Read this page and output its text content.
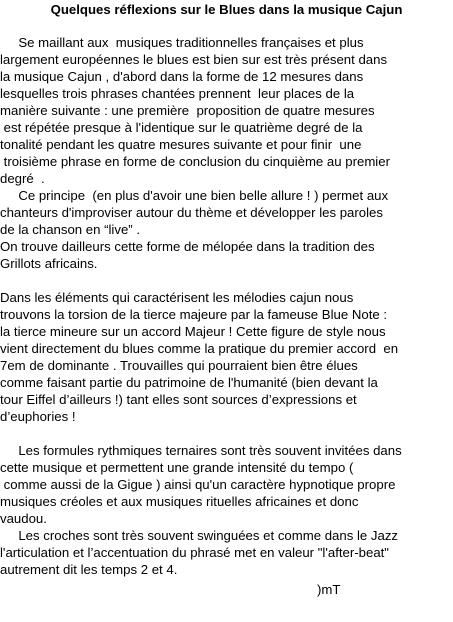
Quelques réflexions sur le Blues dans la musique Cajun
Se maillant aux  musiques traditionnelles françaises et plus
largement européennes le blues est bien sur est très présent dans
la musique Cajun , d'abord dans la forme de 12 mesures dans
lesquelles trois phrases chantées prennent  leur places de la
manière suivante : une première  proposition de quatre mesures
est répétée presque à l'identique sur le quatrième degré de la
tonalité pendant les quatre mesures suivante et pour finir  une
troisième phrase en forme de conclusion du cinquième au premier
degré  .
Ce principe  (en plus d'avoir une bien belle allure ! ) permet aux
chanteurs d'improviser autour du thème et développer les paroles
de la chanson en “live” .
On trouve dailleurs cette forme de mélopée dans la tradition des
Grillots africains.
Dans les éléments qui caractérisent les mélodies cajun nous
trouvons la torsion de la tierce majeure par la fameuse Blue Note :
la tierce mineure sur un accord Majeur ! Cette figure de style nous
vient directement du blues comme la pratique du premier accord  en
7em de dominante . Trouvailles qui pourraient bien être élues
comme faisant partie du patrimoine de l'humanité (bien devant la
tour Eiffel d’ailleurs !) tant elles sont sources d’expressions et
d’euphories !
Les formules rythmiques ternaires sont très souvent invitées dans
cette musique et permettent une grande intensité du tempo (
comme aussi de la Gigue ) ainsi qu'un caractère hypnotique propre
musiques créoles et aux musiques rituelles africaines et donc
vaudou.
Les croches sont très souvent swinguées et comme dans le Jazz
l'articulation et l’accentuation du phrasé met en valeur "l'after-beat"
autrement dit les temps 2 et 4.
)mT
